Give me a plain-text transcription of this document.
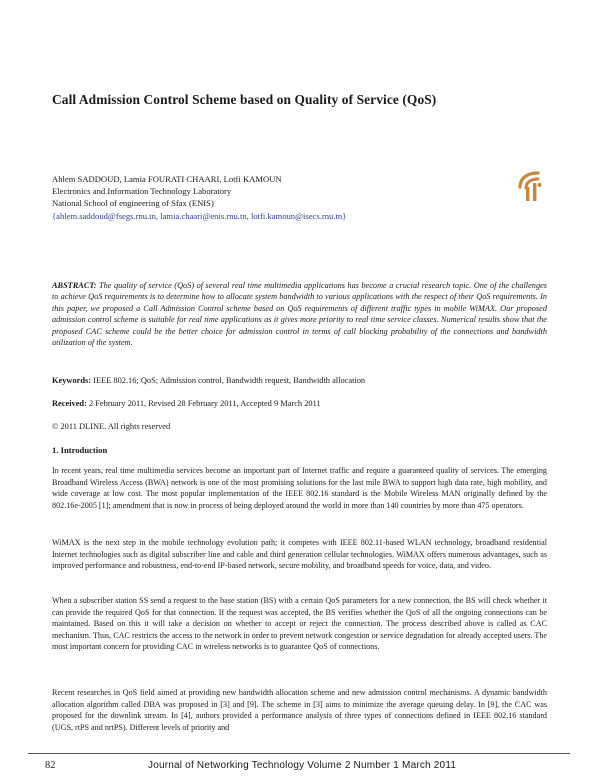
Call Admission Control Scheme based on Quality of Service (QoS)
Ahlem SADDOUD, Lamia FOURATI CHAARI, Lotfi KAMOUN
Electronics and Information Technology Laboratory
National School of engineering of Sfax (ENIS)
{ahlem.saddoud@fsegs.rnu.tn, lamia.chaari@enis.rnu.tn, lotfi.kamoun@isecs.rnu.tn}
ABSTRACT: The quality of service (QoS) of several real time multimedia applications has become a crucial research topic. One of the challenges to achieve QoS requirements is to determine how to allocate system bandwidth to various applications with the respect of their QoS requirements. In this paper, we proposed a Call Admission Control scheme based on QoS requirements of different traffic types in mobile WiMAX. Our proposed admission control scheme is suitable for real time applications as it gives more priority to real time service classes. Numerical results show that the proposed CAC scheme could be the better choice for admission control in terms of call blocking probability of the connections and bandwidth utilization of the system.
Keywords: IEEE 802.16; QoS; Admission control, Bandwidth request, Bandwidth allocation
Received: 2 February 2011, Revised 28 February 2011, Accepted 9 March 2011
© 2011 DLINE. All rights reserved
1. Introduction
In recent years, real time multimedia services become an important part of Internet traffic and require a guaranteed quality of services. The emerging Broadband Wireless Access (BWA) network is one of the most promising solutions for the last mile BWA to support high data rate, high mobility, and wide coverage at low cost. The most popular implementation of the IEEE 802.16 standard is the Mobile Wireless MAN originally defined by the 802.16e-2005 [1]; amendment that is now in process of being deployed around the world in more than 140 countries by more than 475 operators.
WiMAX is the next step in the mobile technology evolution path; it competes with IEEE 802.11-based WLAN technology, broadband residential Internet technologies such as digital subscriber line and cable and third generation cellular technologies. WiMAX offers numerous advantages, such as improved performance and robustness, end-to-end IP-based network, secure mobility, and broadband speeds for voice, data, and video.
When a subscriber station SS send a request to the base station (BS) with a certain QoS parameters for a new connection, the BS will check whether it can provide the required QoS for that connection. If the request was accepted, the BS verifies whether the QoS of all the ongoing connections can be maintained. Based on this it will take a decision on whether to accept or reject the connection. The process described above is called as CAC mechanism. Thus, CAC restricts the access to the network in order to prevent network congestion or service degradation for already accepted users. The most important concern for providing CAC in wireless networks is to guarantee QoS of connections.
Recent researches in QoS field aimed at providing new bandwidth allocation scheme and new admission control mechanisms. A dynamic bandwidth allocation algorithm called DBA was proposed in [3] and [9]. The scheme in [3] aims to minimize the average queuing delay. In [9], the CAC was proposed for the downlink stream. In [4], authors provided a performance analysis of three types of connections defined in IEEE 802.16 standard (UGS, rtPS and nrtPS). Different levels of priority and
82	Journal of Networking Technology Volume 2 Number 1 March 2011
